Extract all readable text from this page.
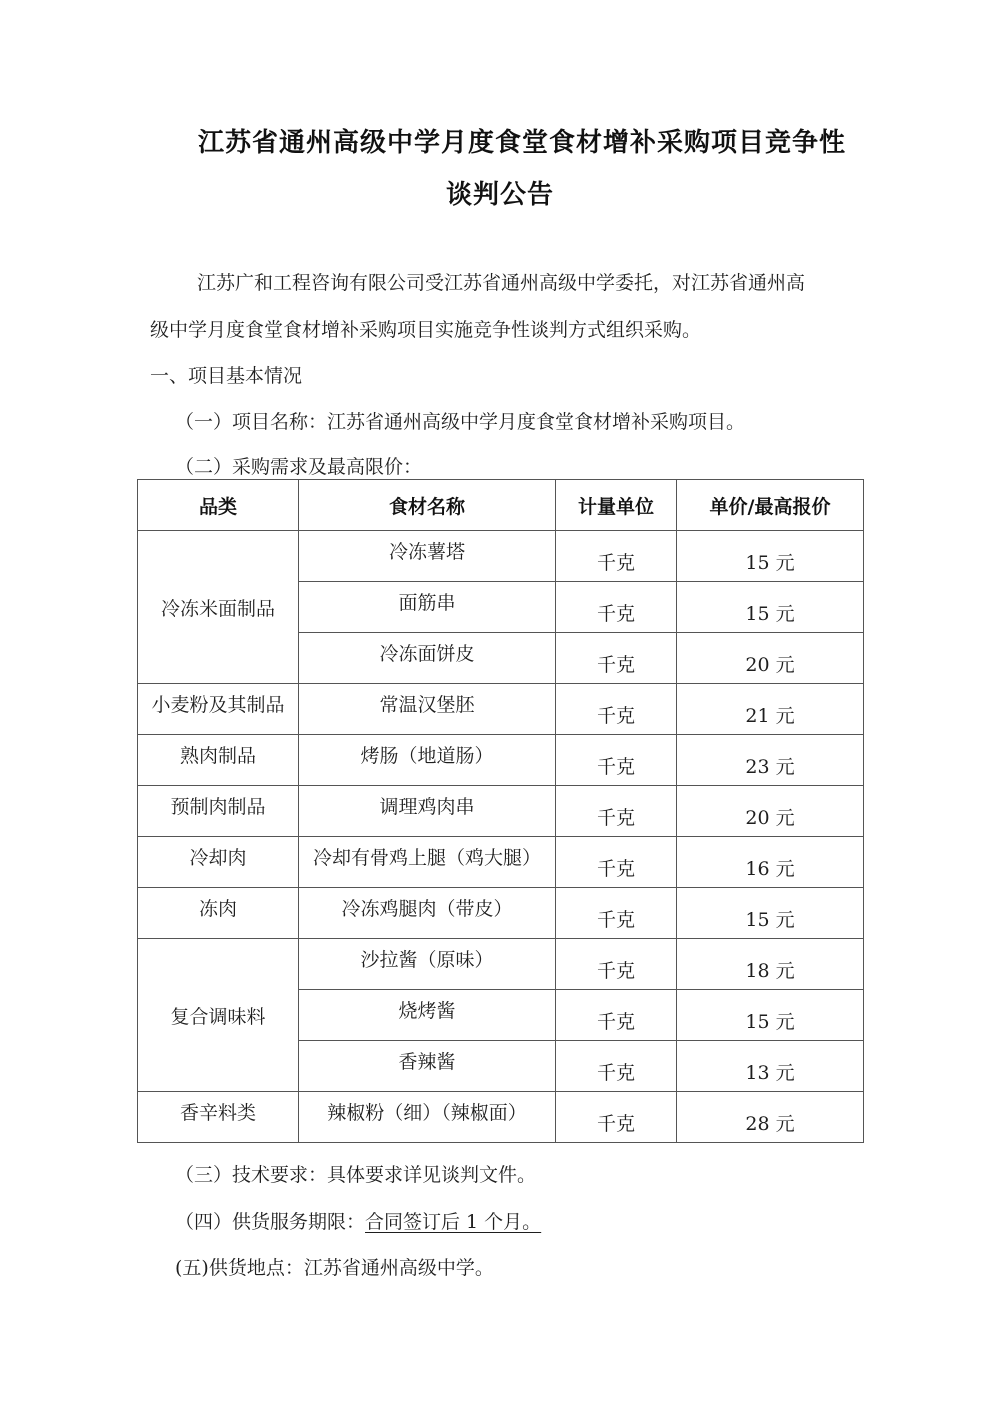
江苏省通州高级中学月度食堂食材增补采购项目竞争性
谈判公告
江苏广和工程咨询有限公司受江苏省通州高级中学委托，对江苏省通州高
级中学月度食堂食材增补采购项目实施竞争性谈判方式组织采购。
一、项目基本情况
（一）项目名称：江苏省通州高级中学月度食堂食材增补采购项目。
（二）采购需求及最高限价：
品类	食材名称	计量单位	单价/最高报价
冷冻米面制品	冷冻薯塔	千克	15 元
	面筋串	千克	15 元
	冷冻面饼皮	千克	20 元
小麦粉及其制品	常温汉堡胚	千克	21 元
熟肉制品	烤肠（地道肠）	千克	23 元
预制肉制品	调理鸡肉串	千克	20 元
冷却肉	冷却有骨鸡上腿（鸡大腿）	千克	16 元
冻肉	冷冻鸡腿肉（带皮）	千克	15 元
复合调味料	沙拉酱（原味）	千克	18 元
	烧烤酱	千克	15 元
	香辣酱	千克	13 元
香辛料类	辣椒粉（细）（辣椒面）	千克	28 元
（三）技术要求：具体要求详见谈判文件。
（四）供货服务期限：合同签订后 1 个月。
(五)供货地点：江苏省通州高级中学。
